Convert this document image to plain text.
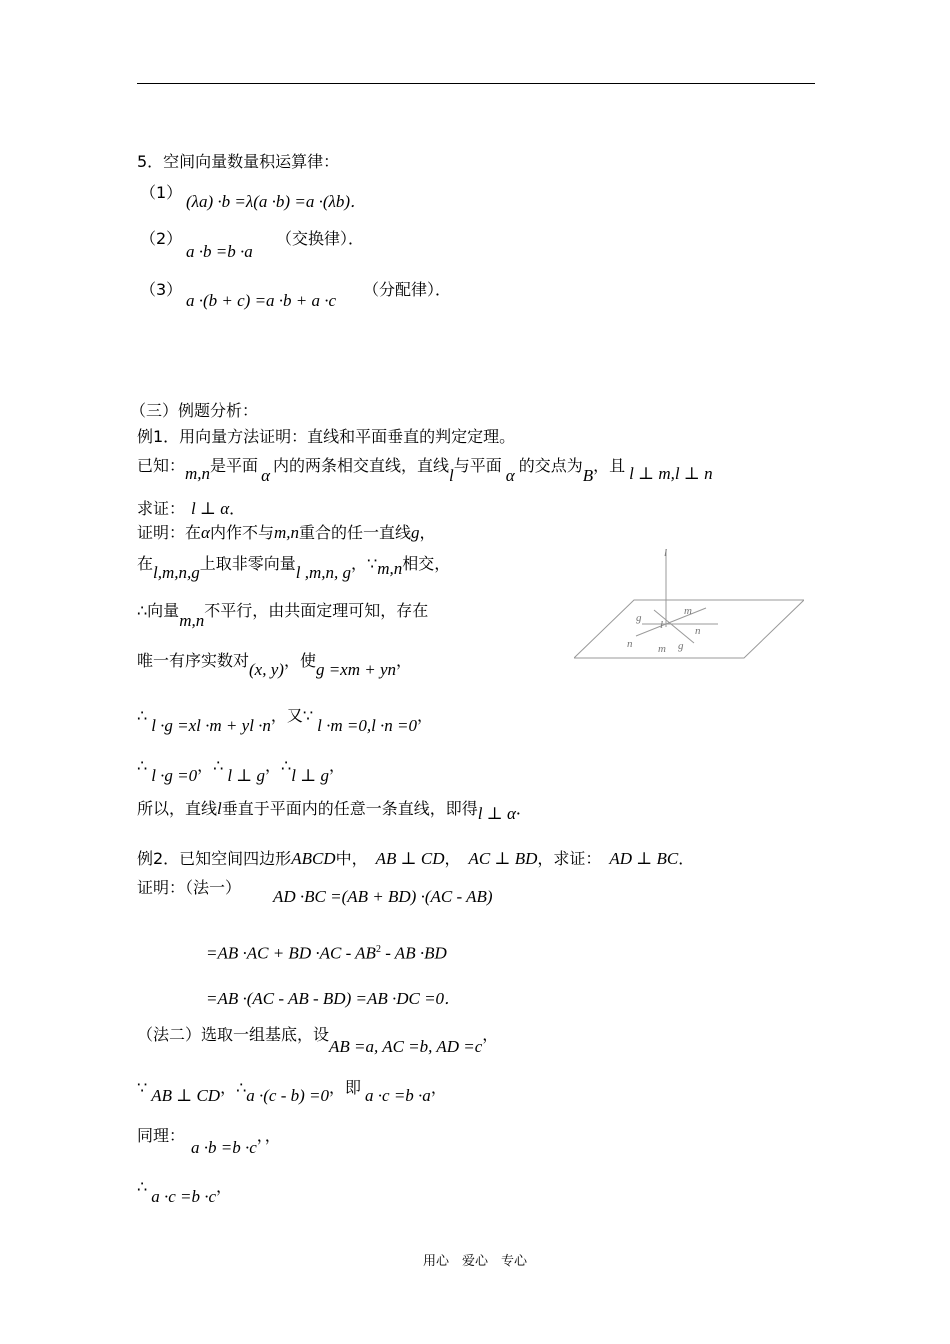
5．空间向量数量积运算律：
（1） (λa) ·b =λ(a ·b) =a ·(λb)．
（2）
a ·b =b ·a
（交换律）．
（3）
a ·(b + c) =a ·b + a ·c
（分配律）．
（三）例题分析：
例1．用向量方法证明：直线和平面垂直的判定定理。
已知：m,n是平面α内的两条相交直线，直线l与平面α的交点为B，且 l ⊥ m,l ⊥ n
求证： l ⊥ α．
证明：在α内作不与m,n重合的任一直线g，
在l,m,n,g上取非零向量l ,m,n, g，∵m,n相交，
∴向量m,n不平行，由共面定理可知，存在
唯一有序实数对(x, y)，使g =xm + yn，
∴l ·g =xl ·m + yl ·n，又∵l ·m =0,l ·n =0，
∴l ·g =0，∴l ⊥ g，∴l ⊥ g，
所以，直线l垂直于平面内的任意一条直线，即得l ⊥ α．
l
g
m
l	n
n m g
例2．已知空间四边形ABCD中， AB ⊥ CD， AC ⊥ BD，求证： AD ⊥ BC．
证明：（法一） AD ·BC =(AB + BD) ·(AC - AB)
=AB ·AC + BD $\cdot AC - AB^2$ - AB ·BD
=AB ·(AC - AB - BD) =AB ·DC =0．
（法二）选取一组基底，设AB =a, AC =b, AD =c，
∵ AB ⊥ CD，∴a ·(c - b) =0，即 a ·c =b ·a，
同理：a ·b =b ·c，，
∴a ·c =b ·c，
用心　爱心　专心
